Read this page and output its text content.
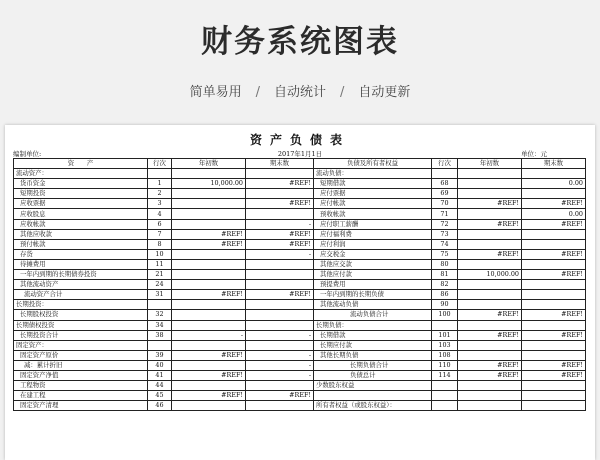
财务系统图表
简单易用 / 自动统计 / 自动更新
资产负债表
编制单位:	2017年1月1日	单位：元
资　　产	行次	年初数	期末数	负债及所有者权益	行次	年初数	期末数
流动资产：				流动负债：			
货币资金	1	10,000.00	#REF!	短期借款	68		0.00
短期投资	2			应付票据	69		
应收票据	3		#REF!	应付帐款	70	#REF!	#REF!
应收股息	4			预收帐款	71		0.00
应收帐款	6		-	应付职工薪酬	72	#REF!	#REF!
其他应收款	7	#REF!	#REF!	应付福利费	73		
预付帐款	8	#REF!	#REF!	应付利润	74		
存货	10		-	应交税金	75	#REF!	#REF!
待摊费用	11			其他应交款	80		
一年内到期的长期债券投资	21			其他应付款	81	10,000.00	#REF!
其他流动资产	24			预提费用	82		
流动资产合计	31	#REF!	#REF!	一年内到期的长期负债	86		
长期投资：				其他流动负债	90		
长期股权投资	32			流动负债合计	100	#REF!	#REF!
长期债权投资	34			长期负债：			
长期投资合计	38	-	-	长期借款	101	#REF!	#REF!
固定资产：				长期应付款	103		
固定资产原价	39	#REF!	-	其他长期负债	108		
减：累计折旧	40		-	长期负债合计	110	#REF!	#REF!
固定资产净值	41	#REF!	-	负债总计	114	#REF!	#REF!
工程物资	44			少数股东权益			
在建工程	45	#REF!	#REF!				
固定资产清理	46			所有者权益（或股东权益）：			
